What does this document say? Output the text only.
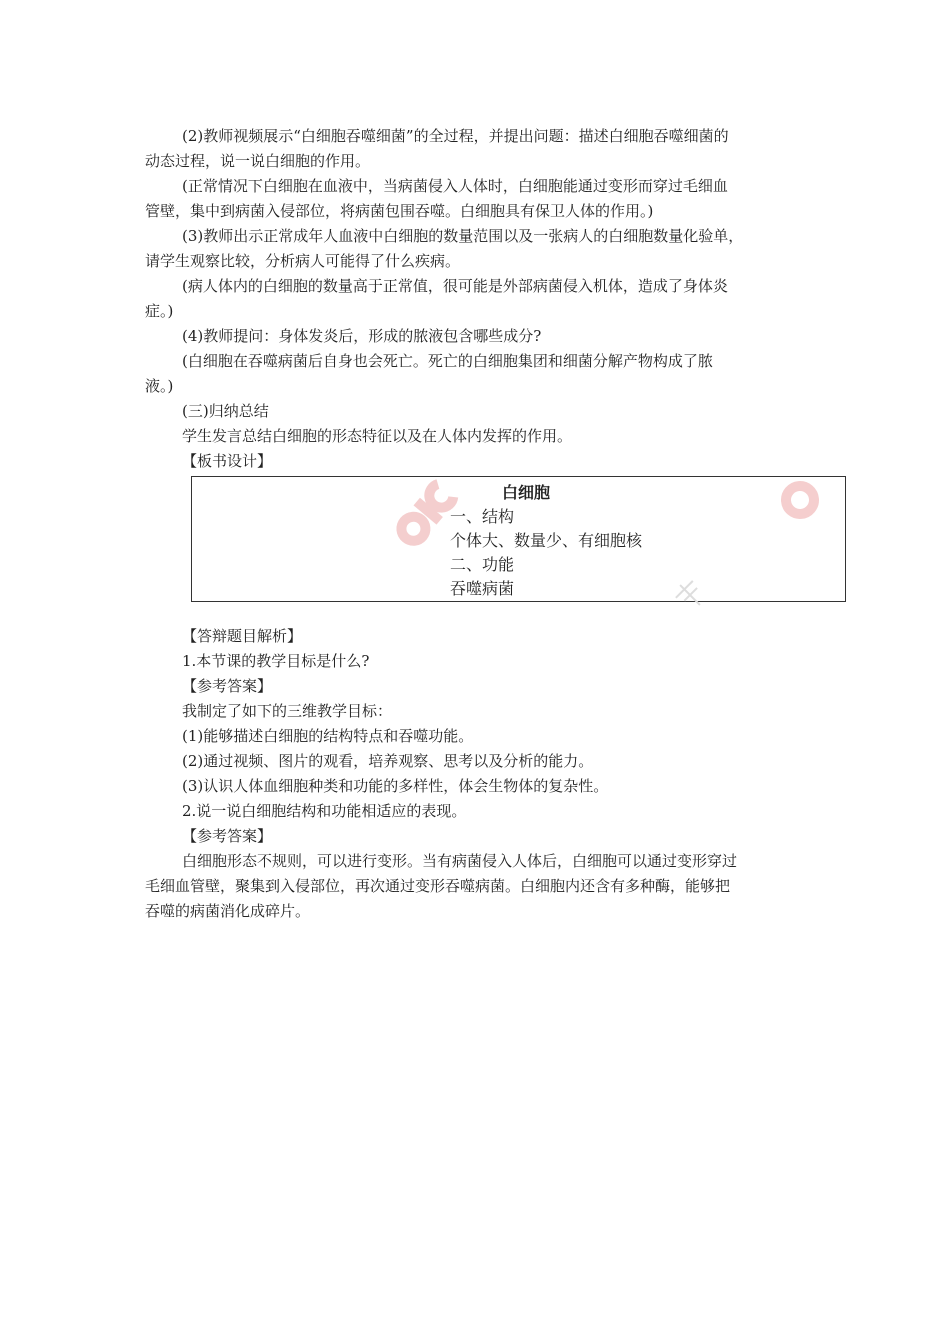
(2)教师视频展示“白细胞吞噬细菌”的全过程，并提出问题：描述白细胞吞噬细菌的
动态过程，说一说白细胞的作用。
(正常情况下白细胞在血液中，当病菌侵入人体时，白细胞能通过变形而穿过毛细血
管壁，集中到病菌入侵部位，将病菌包围吞噬。白细胞具有保卫人体的作用。)
(3)教师出示正常成年人血液中白细胞的数量范围以及一张病人的白细胞数量化验单，
请学生观察比较，分析病人可能得了什么疾病。
(病人体内的白细胞的数量高于正常值，很可能是外部病菌侵入机体，造成了身体炎
症。)
(4)教师提问：身体发炎后，形成的脓液包含哪些成分?
(白细胞在吞噬病菌后自身也会死亡。死亡的白细胞集团和细菌分解产物构成了脓
液。)
(三)归纳总结
学生发言总结白细胞的形态特征以及在人体内发挥的作用。
【板书设计】
白细胞
一、结构
个体大、数量少、有细胞核
二、功能
吞噬病菌
【答辩题目解析】
1.本节课的教学目标是什么?
【参考答案】
我制定了如下的三维教学目标：
(1)能够描述白细胞的结构特点和吞噬功能。
(2)通过视频、图片的观看，培养观察、思考以及分析的能力。
(3)认识人体血细胞种类和功能的多样性，体会生物体的复杂性。
2.说一说白细胞结构和功能相适应的表现。
【参考答案】
白细胞形态不规则，可以进行变形。当有病菌侵入人体后，白细胞可以通过变形穿过
毛细血管壁，聚集到入侵部位，再次通过变形吞噬病菌。白细胞内还含有多种酶，能够把
吞噬的病菌消化成碎片。
